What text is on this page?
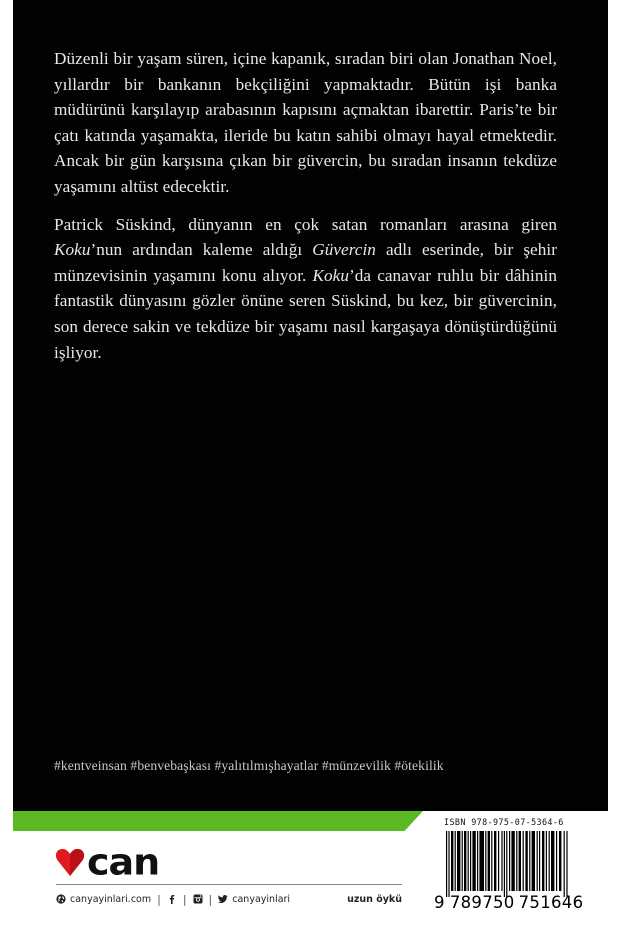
Düzenli bir yaşam süren, içine kapanık, sıradan biri olan Jonathan Noel, yıllardır bir bankanın bekçiliğini yapmaktadır. Bütün işi banka müdürünü karşılayıp arabasının kapısını açmaktan ibarettir. Paris’te bir çatı katında yaşamakta, ileride bu katın sahibi olmayı hayal etmektedir. Ancak bir gün karşısına çıkan bir güvercin, bu sıradan insanın tekdüze yaşamını altüst edecektir.

Patrick Süskind, dünyanın en çok satan romanları arasına giren Koku’nun ardından kaleme aldığı Güvercin adlı eserinde, bir şehir münzevisinin yaşamını konu alıyor. Koku’da canavar ruhlu bir dâhinin fantastik dünyasını gözler önüne seren Süskind, bu kez, bir güvercinin, son derece sakin ve tekdüze bir yaşamı nasıl kargaşaya dönüştürdüğünü işliyor.

#kentveinsan #benvebaşkası #yalıtılmışhayatlar #münzevilik #ötekilik
can
canyayinlari.com | | | canyayinlari	uzun öykü
ISBN 978-975-07-5364-6
9 789750 751646
